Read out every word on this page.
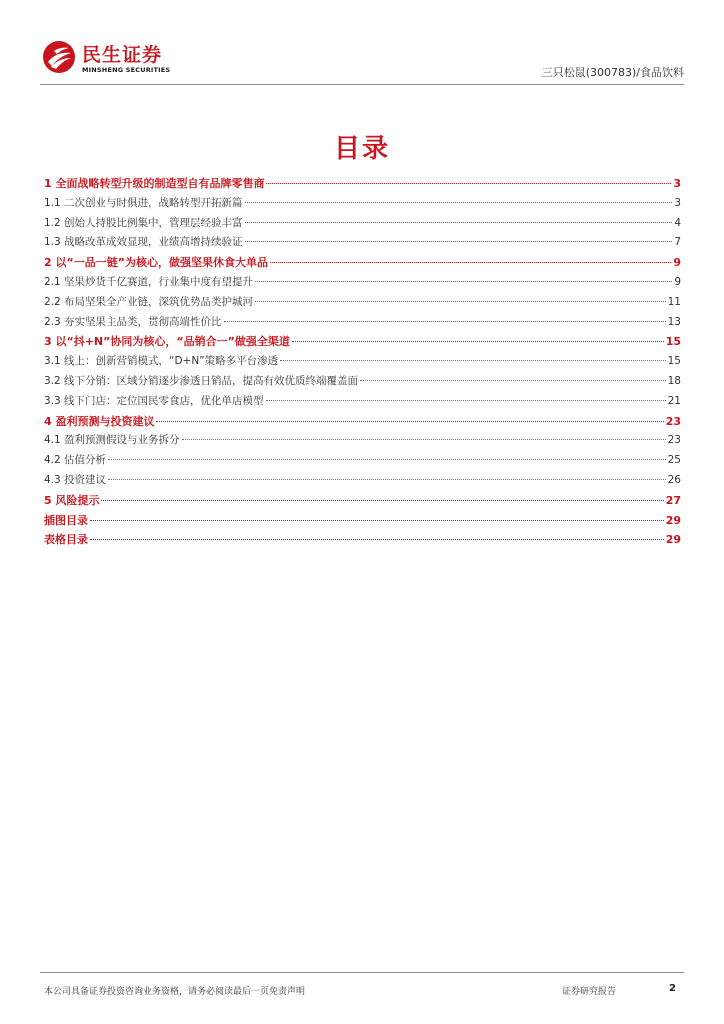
民生证券
MINSHENG SECURITIES	三只松鼠(300783)/食品饮料
目录
1 全面战略转型升级的制造型自有品牌零售商	3
1.1 二次创业与时俱进，战略转型开拓新篇	3
1.2 创始人持股比例集中，管理层经验丰富	4
1.3 战略改革成效显现，业绩高增持续验证	7
2 以“一品一链”为核心，做强坚果休食大单品	9
2.1 坚果炒货千亿赛道，行业集中度有望提升	9
2.2 布局坚果全产业链，深筑优势品类护城河	11
2.3 夯实坚果主品类，贯彻高端性价比	13
3 以“抖+N”协同为核心，“品销合一”做强全渠道	15
3.1 线上：创新营销模式，“D+N”策略多平台渗透	15
3.2 线下分销：区域分销逐步渗透日销品，提高有效优质终端覆盖面	18
3.3 线下门店：定位国民零食店，优化单店模型	21
4 盈利预测与投资建议	23
4.1 盈利预测假设与业务拆分	23
4.2 估值分析	25
4.3 投资建议	26
5 风险提示	27
插图目录	29
表格目录	29
本公司具备证券投资咨询业务资格，请务必阅读最后一页免责声明	证券研究报告	2
